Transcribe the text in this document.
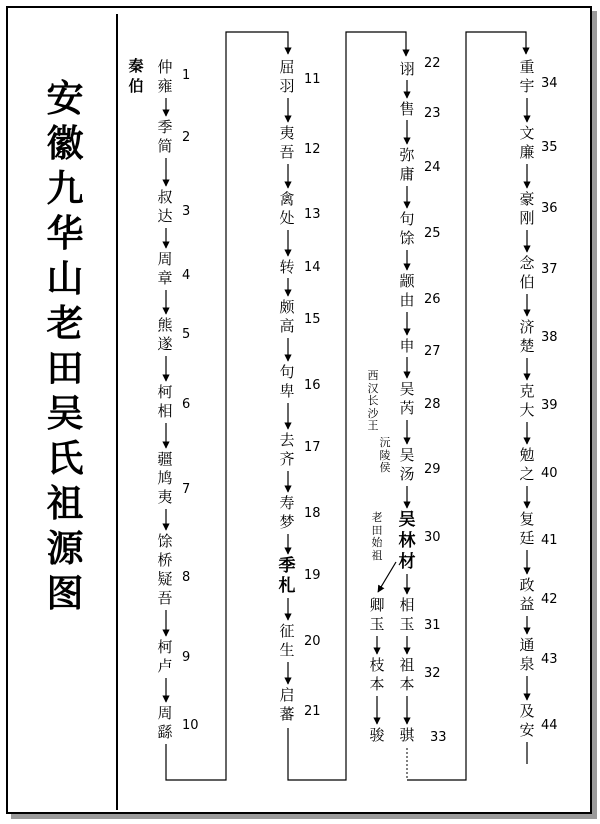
安徽九华山老田吴氏祖源图
秦伯
仲雍
1
季简 2
叔达 3
周章 4
熊遂
5
柯相 6
疆鸠夷 7
馀桥疑吾
8
柯卢 9
周繇 10
屈羽 11
夷吾 12
禽处 13
转 14
颇高 15
句卑 16
去齐
17
寿梦 18
季札
19
征生 20
启蕃 21
诩 22
售 23
弥庸 24
句馀 25
颛由 26
申 27
吴芮 28
吴汤 29
吴林材
30
相玉 31
祖本
32
骐 33
西汉长沙王
沅陵侯
老田始祖
卿玉
枝本
骏
重宇 34
文廉 35
豪刚
36
念伯
37
济楚 38
克大 39
勉之 40
复廷 41
政益 42
通泉 43
及安 44
